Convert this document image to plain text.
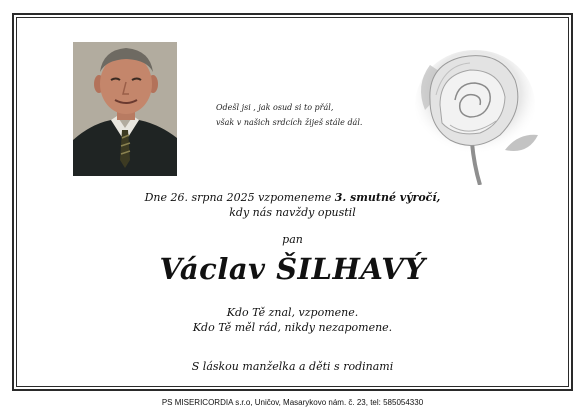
Odešl jsi , jak osud si to přál,
však v našich srdcích žiješ stále dál.
Dne 26. srpna 2025 vzpomeneme 3. smutné výročí,
kdy nás navždy opustil
pan
Václav ŠILHAVÝ
Kdo Tě znal, vzpomene.
Kdo Tě měl rád, nikdy nezapomene.
S láskou manželka a děti s rodinami
PS MISERICORDIA s.r.o, Uničov, Masarykovo nám. č. 23, tel: 585054330
